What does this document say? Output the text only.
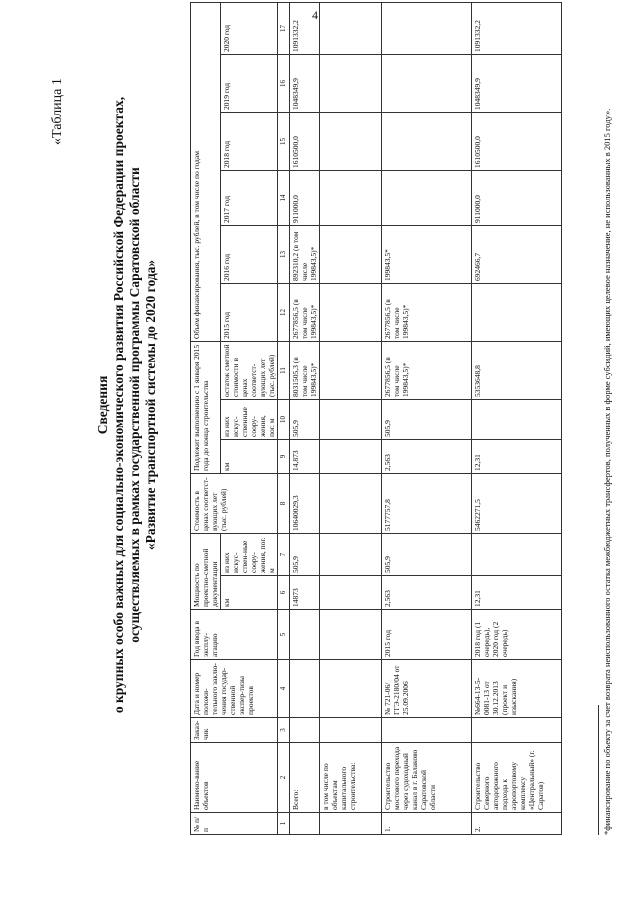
«Таблица 1
Сведения о крупных особо важных для социально-экономического развития Российской Федерации проектах, осуществляемых в рамках государственной программы Саратовской области «Развитие транспортной системы до 2020 года»
№ п/п	Наимено-вание объектов	Заказ-чик	Дата и номер положи-тельного заклю-чения государ-ственной экспер-тизы проектов	Год ввода в эксплу-атацию	Мощность по проектно-сметной документации		Стоимость в ценах соответст-вующих лет (тыс. рублей)	Подлежит выполнению с 1 января 2015 года до конца строительства			Объем финансирования, тыс. рублей, в том числе по годам					
					км	из них искус-ствен-ные соору-жения, пог. м		км	из них искус-ственные соору-жения, пог. м	остаток сметной стоимости в ценах соответст-вующих лет (тыс. рублей)	2015 год	2016 год	2017 год	2018 год	2019 год	2020 год
1	2	3	4	5	6	7	8	9	10	11	12	13	14	15	16	17
	Всего:				14873	505,9	10640029,3	14,873	505,9	8031505,3 (в том числе 199843,5)*	2677856,5 (в том числе 199843,5)*	892310,2 (в том числе 199843,5)*	911000,0	1610500,0	1048349,9	1091332,2
	в том числе по объектам капитального строительства:															
1.	Строительство мостового перехода через судоходный канал в г. Балаково Саратовской области		№ 721-06/ ГГЭ-2180/04 от 25.09.2006	2015 год	2,563	505,9	5177757,8	2,563	505,9	2677856,5 (в том числе 199843,5)*	2677856,5 (в том числе 199843,5)*	199843,5*				
2.	Строительство Северного автодорожного подхода к аэропортовому комплексу «Центральный» (г. Саратов)		№664-13-5-0081-13 от 30.12.2013 (проект и изыскания)	2018 год (1 очередь), 2020 год (2 очередь)	12,31		5462271,5	12,31		5353648,8		692466,7	911000,0	1610500,0	1048349,9	1091332,2
*финансирование по объекту за счет возврата неиспользованного остатка межбюджетных трансфертов, полученных в форме субсидий, имеющих целевое назначение, не использованных в 2015 году».
4
